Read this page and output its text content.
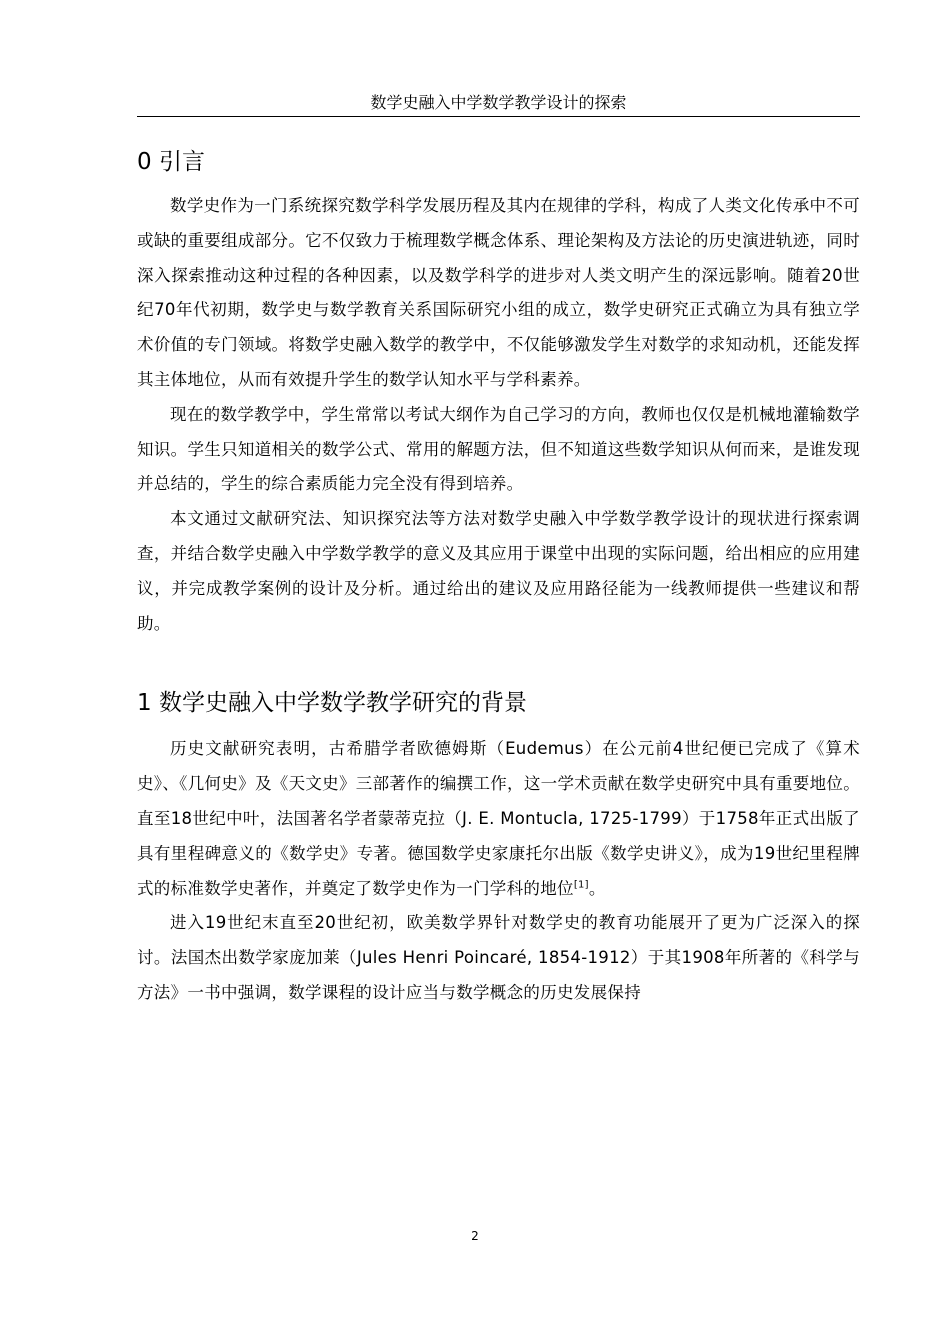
数学史融入中学数学教学设计的探索
0 引言

数学史作为一门系统探究数学科学发展历程及其内在规律的学科，构成了人类文化传承中不可或缺的重要组成部分。它不仅致力于梳理数学概念体系、理论架构及方法论的历史演进轨迹，同时深入探索推动这种过程的各种因素，以及数学科学的进步对人类文明产生的深远影响。随着20世纪70年代初期，数学史与数学教育关系国际研究小组的成立，数学史研究正式确立为具有独立学术价值的专门领域。将数学史融入数学的教学中，不仅能够激发学生对数学的求知动机，还能发挥其主体地位，从而有效提升学生的数学认知水平与学科素养。

现在的数学教学中，学生常常以考试大纲作为自己学习的方向，教师也仅仅是机械地灌输数学知识。学生只知道相关的数学公式、常用的解题方法，但不知道这些数学知识从何而来，是谁发现并总结的，学生的综合素质能力完全没有得到培养。

本文通过文献研究法、知识探究法等方法对数学史融入中学数学教学设计的现状进行探索调查，并结合数学史融入中学数学教学的意义及其应用于课堂中出现的实际问题，给出相应的应用建议，并完成教学案例的设计及分析。通过给出的建议及应用路径能为一线教师提供一些建议和帮助。

1 数学史融入中学数学教学研究的背景

历史文献研究表明，古希腊学者欧德姆斯（Eudemus）在公元前4世纪便已完成了《算术史》、《几何史》及《天文史》三部著作的编撰工作，这一学术贡献在数学史研究中具有重要地位。直至18世纪中叶，法国著名学者蒙蒂克拉（J. E. Montucla, 1725-1799）于1758年正式出版了具有里程碑意义的《数学史》专著。德国数学史家康托尔出版《数学史讲义》，成为19世纪里程牌式的标准数学史著作，并奠定了数学史作为一门学科的地位[1]。

进入19世纪末直至20世纪初，欧美数学界针对数学史的教育功能展开了更为广泛深入的探讨。法国杰出数学家庞加莱（Jules Henri Poincaré, 1854-1912）于其1908年所著的《科学与方法》一书中强调，数学课程的设计应当与数学概念的历史发展保持

2
